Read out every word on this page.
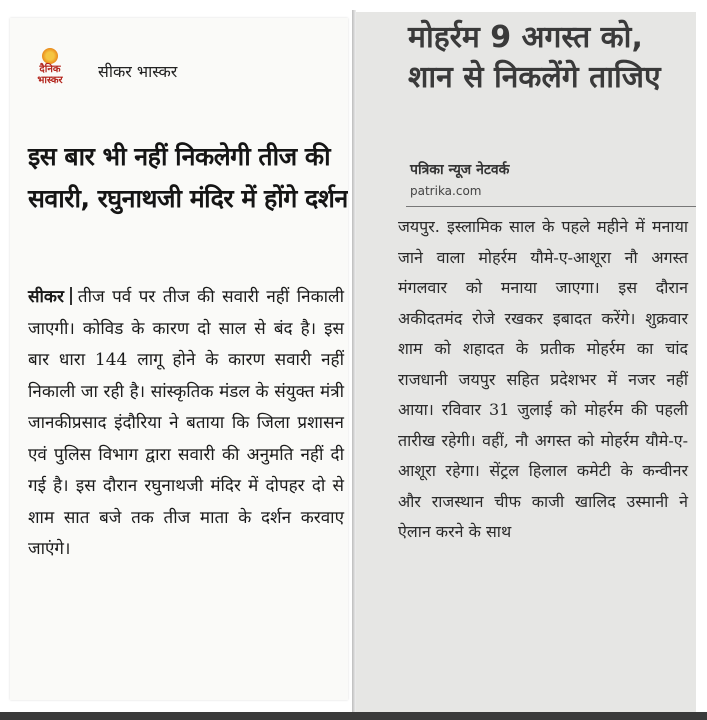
दैनिक भास्कर	सीकर भास्कर
इस बार भी नहीं निकलेगी तीज की सवारी, रघुनाथजी मंदिर में होंगे दर्शन
सीकर तीज पर्व पर तीज की सवारी नहीं निकाली जाएगी। कोविड के कारण दो साल से बंद है। इस बार धारा 144 लागू होने के कारण सवारी नहीं निकाली जा रही है। सांस्कृतिक मंडल के संयुक्त मंत्री जानकीप्रसाद इंदौरिया ने बताया कि जिला प्रशासन एवं पुलिस विभाग द्वारा सवारी की अनुमति नहीं दी गई है। इस दौरान रघुनाथजी मंदिर में दोपहर दो से शाम सात बजे तक तीज माता के दर्शन करवाए जाएंगे।
मोहर्रम 9 अगस्त को, शान से निकलेंगे ताजिए
पत्रिका न्यूज नेटवर्क
patrika.com
जयपुर. इस्लामिक साल के पहले महीने में मनाया जाने वाला मोहर्रम यौमे-ए-आशूरा नौ अगस्त मंगलवार को मनाया जाएगा। इस दौरान अकीदतमंद रोजे रखकर इबादत करेंगे। शुक्रवार शाम को शहादत के प्रतीक मोहर्रम का चांद राजधानी जयपुर सहित प्रदेशभर में नजर नहीं आया। रविवार 31 जुलाई को मोहर्रम की पहली तारीख रहेगी। वहीं, नौ अगस्त को मोहर्रम यौमे-ए-आशूरा रहेगा। सेंट्रल हिलाल कमेटी के कन्वीनर और राजस्थान चीफ काजी खालिद उस्मानी ने ऐलान करने के साथ
